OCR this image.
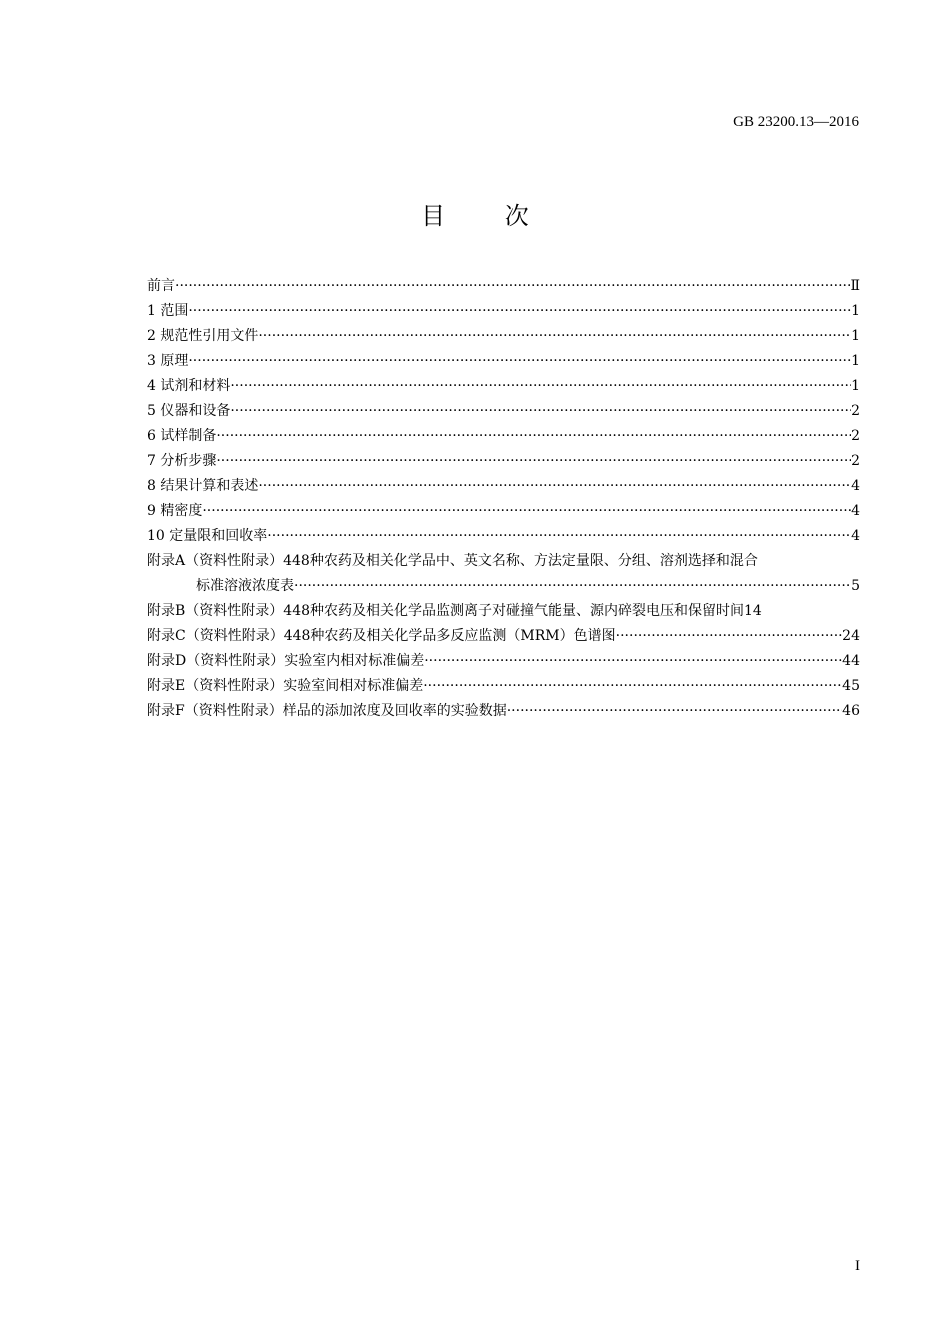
GB 23200.13—2016
目 次
前言 ·····	Ⅱ
1 范围 ·····	1
2 规范性引用文件 ·····	1
3 原理 ·····	1
4 试剂和材料 ·····	1
5 仪器和设备 ·····	2
6 试样制备 ·····	2
7 分析步骤 ·····	2
8 结果计算和表述 ·····	4
9 精密度 ·····	4
10 定量限和回收率 ·····	4
附录A（资料性附录）448种农药及相关化学品中、英文名称、方法定量限、分组、溶剂选择和混合
标准溶液浓度表 ·····	5
附录B（资料性附录）448种农药及相关化学品监测离子对碰撞气能量、源内碎裂电压和保留时间 14
附录C（资料性附录）448种农药及相关化学品多反应监测（MRM）色谱图 ·····	24
附录D（资料性附录）实验室内相对标准偏差 ·····	44
附录E（资料性附录）实验室间相对标准偏差 ·····	45
附录F（资料性附录）样品的添加浓度及回收率的实验数据 ·····	46
I
